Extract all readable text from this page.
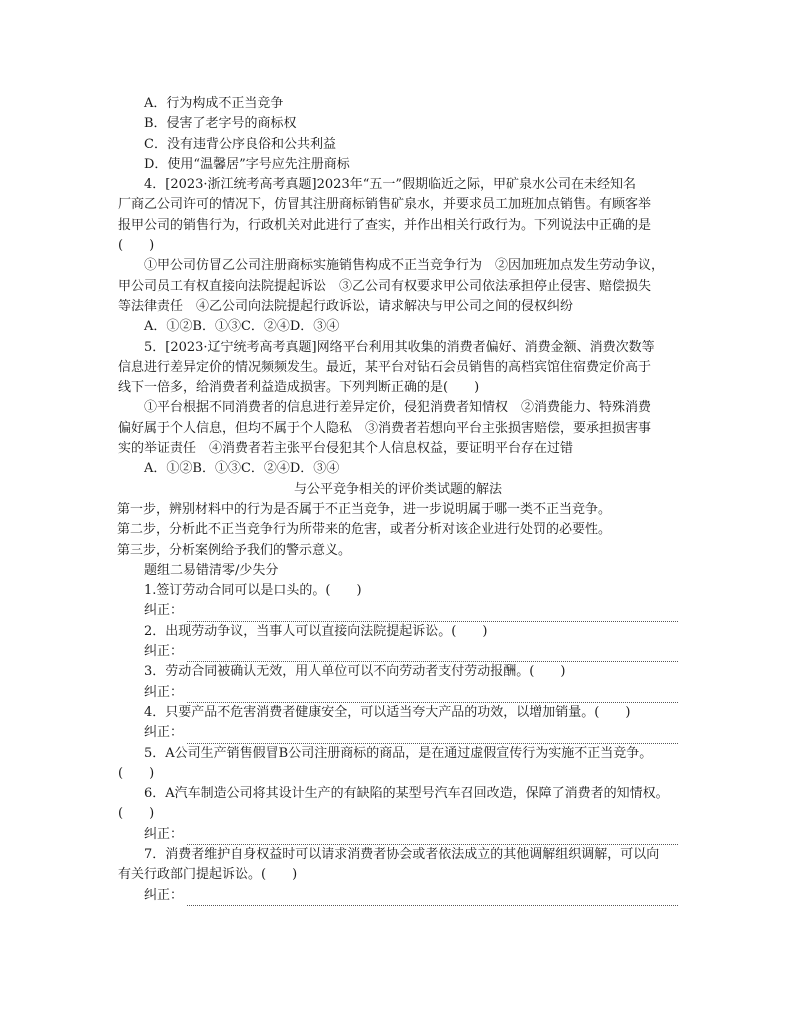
A．行为构成不正当竞争
B．侵害了老字号的商标权
C．没有违背公序良俗和公共利益
D．使用“温馨居”字号应先注册商标
4．[2023·浙江统考高考真题]2023年“五一”假期临近之际，甲矿泉水公司在未经知名
厂商乙公司许可的情况下，仿冒其注册商标销售矿泉水，并要求员工加班加点销售。有顾客举
报甲公司的销售行为，行政机关对此进行了查实，并作出相关行政行为。下列说法中正确的是
(　　)
①甲公司仿冒乙公司注册商标实施销售构成不正当竞争行为　②因加班加点发生劳动争议，
甲公司员工有权直接向法院提起诉讼　③乙公司有权要求甲公司依法承担停止侵害、赔偿损失
等法律责任　④乙公司向法院提起行政诉讼，请求解决与甲公司之间的侵权纠纷
A．①②B．①③C．②④D．③④
5．[2023·辽宁统考高考真题]网络平台利用其收集的消费者偏好、消费金额、消费次数等
信息进行差异定价的情况频频发生。最近，某平台对钻石会员销售的高档宾馆住宿费定价高于
线下一倍多，给消费者利益造成损害。下列判断正确的是(　　)
①平台根据不同消费者的信息进行差异定价，侵犯消费者知情权　②消费能力、特殊消费
偏好属于个人信息，但均不属于个人隐私　③消费者若想向平台主张损害赔偿，要承担损害事
实的举证责任　④消费者若主张平台侵犯其个人信息权益，要证明平台存在过错
A．①②B．①③C．②④D．③④
与公平竞争相关的评价类试题的解法
第一步，辨别材料中的行为是否属于不正当竞争，进一步说明属于哪一类不正当竞争。
第二步，分析此不正当竞争行为所带来的危害，或者分析对该企业进行处罚的必要性。
第三步，分析案例给予我们的警示意义。
题组二易错清零/少失分
1.签订劳动合同可以是口头的。(　　)
纠正：
2．出现劳动争议，当事人可以直接向法院提起诉讼。(　　)
纠正：
3．劳动合同被确认无效，用人单位可以不向劳动者支付劳动报酬。(　　)
纠正：
4．只要产品不危害消费者健康安全，可以适当夸大产品的功效，以增加销量。(　　)
纠正：
5．A公司生产销售假冒B公司注册商标的商品，是在通过虚假宣传行为实施不正当竞争。
(　　)
6．A汽车制造公司将其设计生产的有缺陷的某型号汽车召回改造，保障了消费者的知情权。
(　　)
纠正：
7．消费者维护自身权益时可以请求消费者协会或者依法成立的其他调解组织调解，可以向
有关行政部门提起诉讼。(　　)
纠正：
